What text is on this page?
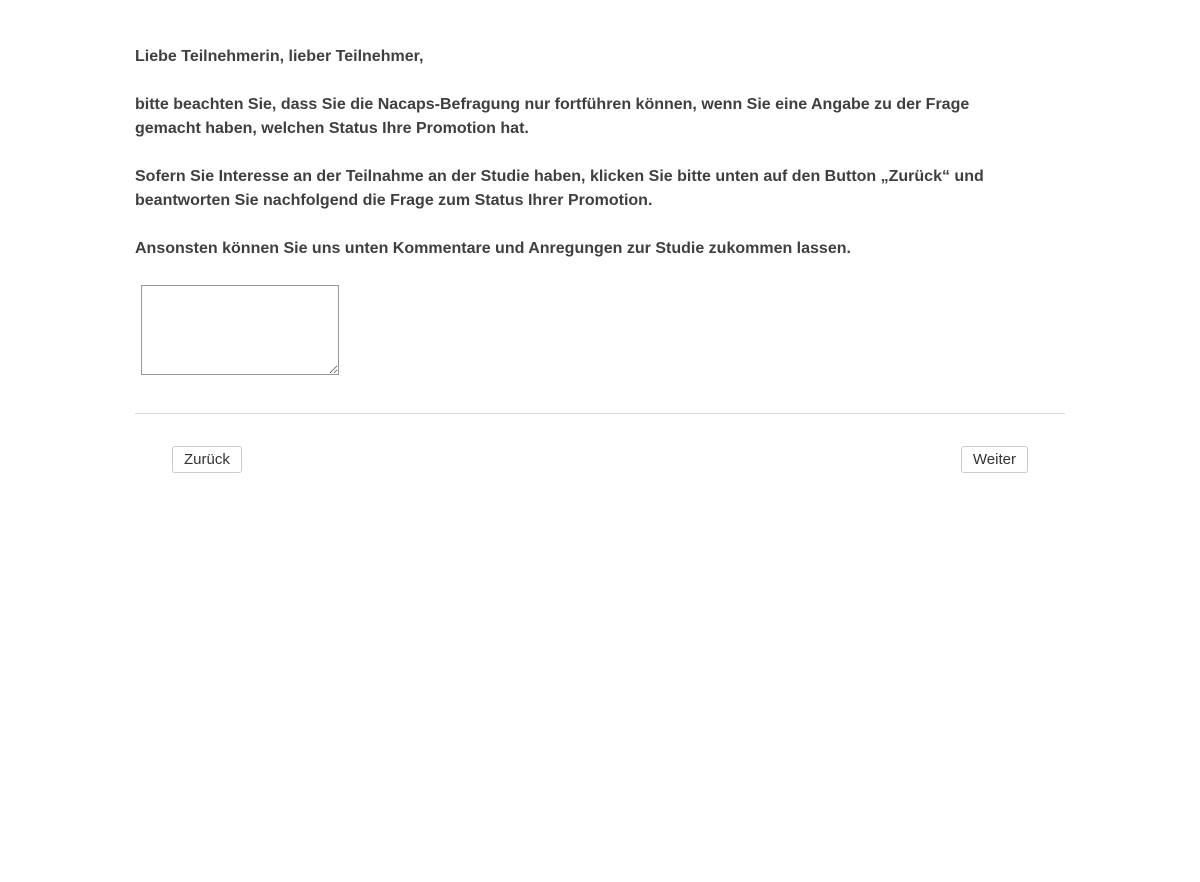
Liebe Teilnehmerin, lieber Teilnehmer,

bitte beachten Sie, dass Sie die Nacaps-Befragung nur fortführen können, wenn Sie eine Angabe zu der Frage
gemacht haben, welchen Status Ihre Promotion hat.

Sofern Sie Interesse an der Teilnahme an der Studie haben, klicken Sie bitte unten auf den Button „Zurück“ und
beantworten Sie nachfolgend die Frage zum Status Ihrer Promotion.

Ansonsten können Sie uns unten Kommentare und Anregungen zur Studie zukommen lassen.

Zurück	Weiter
